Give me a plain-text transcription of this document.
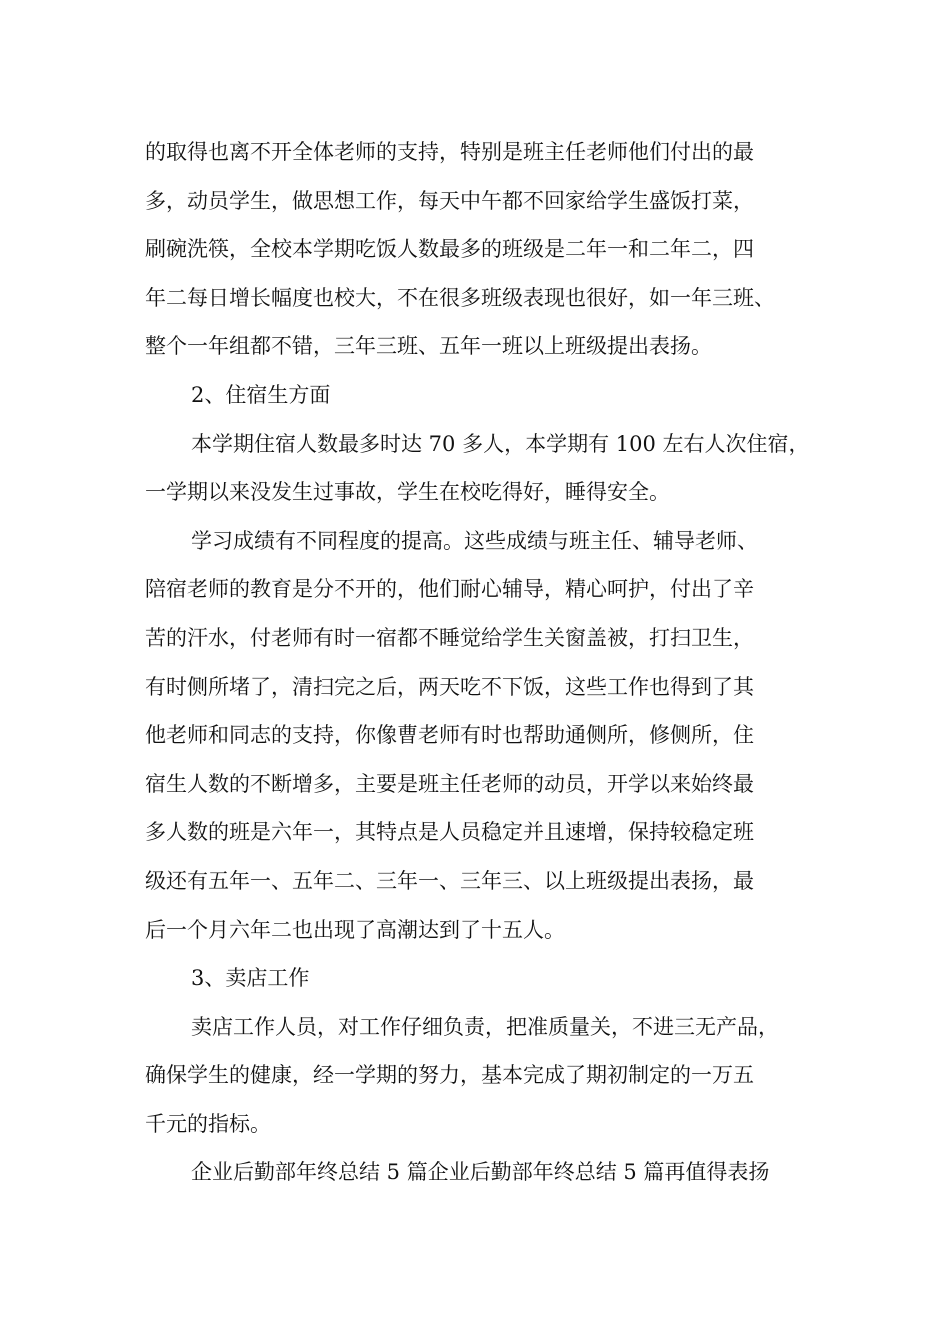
的取得也离不开全体老师的支持，特别是班主任老师他们付出的最
多，动员学生，做思想工作，每天中午都不回家给学生盛饭打菜，
刷碗洗筷，全校本学期吃饭人数最多的班级是二年一和二年二，四
年二每日增长幅度也校大，不在很多班级表现也很好，如一年三班、
整个一年组都不错，三年三班、五年一班以上班级提出表扬。
2、住宿生方面
本学期住宿人数最多时达 70 多人，本学期有 100 左右人次住宿，
一学期以来没发生过事故，学生在校吃得好，睡得安全。
学习成绩有不同程度的提高。这些成绩与班主任、辅导老师、
陪宿老师的教育是分不开的，他们耐心辅导，精心呵护，付出了辛
苦的汗水，付老师有时一宿都不睡觉给学生关窗盖被，打扫卫生，
有时侧所堵了，清扫完之后，两天吃不下饭，这些工作也得到了其
他老师和同志的支持，你像曹老师有时也帮助通侧所，修侧所，住
宿生人数的不断增多，主要是班主任老师的动员，开学以来始终最
多人数的班是六年一，其特点是人员稳定并且速增，保持较稳定班
级还有五年一、五年二、三年一、三年三、以上班级提出表扬，最
后一个月六年二也出现了高潮达到了十五人。
3、卖店工作
卖店工作人员，对工作仔细负责，把准质量关，不进三无产品，
确保学生的健康，经一学期的努力，基本完成了期初制定的一万五
千元的指标。
企业后勤部年终总结 5 篇企业后勤部年终总结 5 篇再值得表扬
